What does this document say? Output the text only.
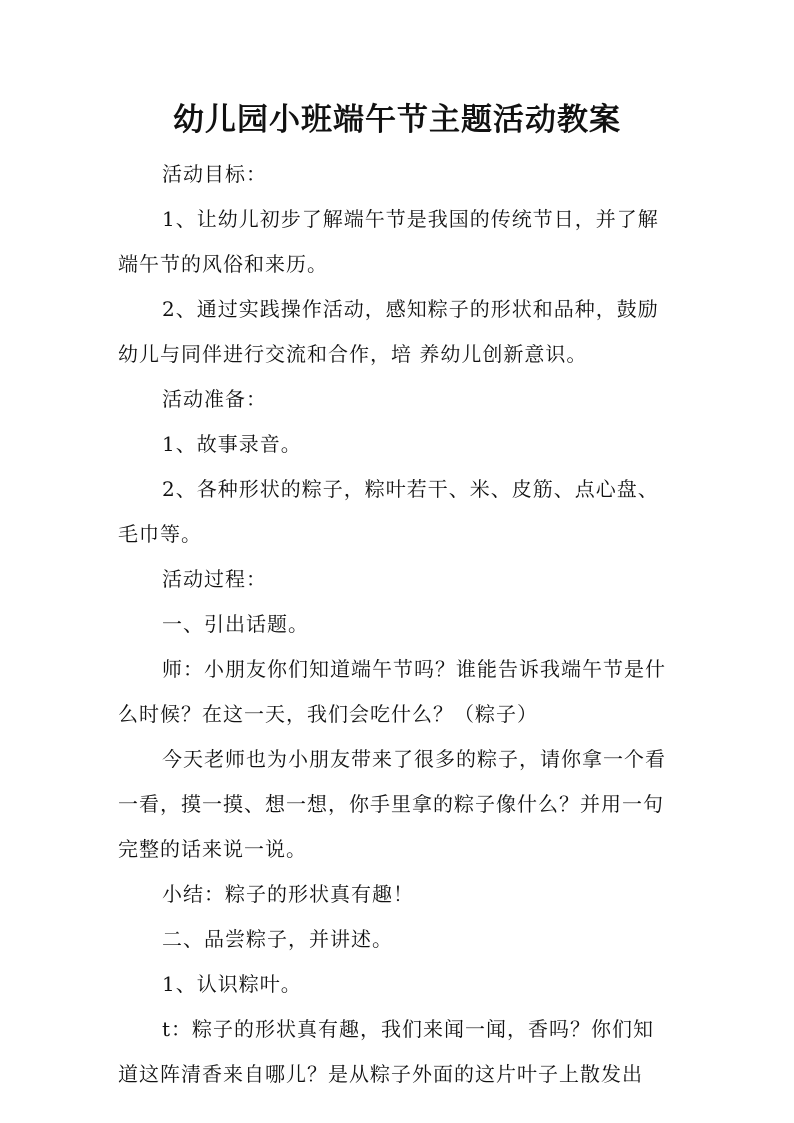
幼儿园小班端午节主题活动教案

活动目标：

1、让幼儿初步了解端午节是我国的传统节日，并了解

端午节的风俗和来历。

2、通过实践操作活动，感知粽子的形状和品种，鼓励

幼儿与同伴进行交流和合作，培 养幼儿创新意识。

活动准备：

1、故事录音。

2、各种形状的粽子，粽叶若干、米、皮筋、点心盘、

毛巾等。

活动过程：

一、引出话题。

师：小朋友你们知道端午节吗？谁能告诉我端午节是什

么时候？在这一天，我们会吃什么？（粽子）

今天老师也为小朋友带来了很多的粽子，请你拿一个看

一看，摸一摸、想一想，你手里拿的粽子像什么？并用一句

完整的话来说一说。

小结：粽子的形状真有趣！

二、品尝粽子，并讲述。

1、认识粽叶。

t：粽子的形状真有趣，我们来闻一闻，香吗？你们知

道这阵清香来自哪儿？是从粽子外面的这片叶子上散发出
